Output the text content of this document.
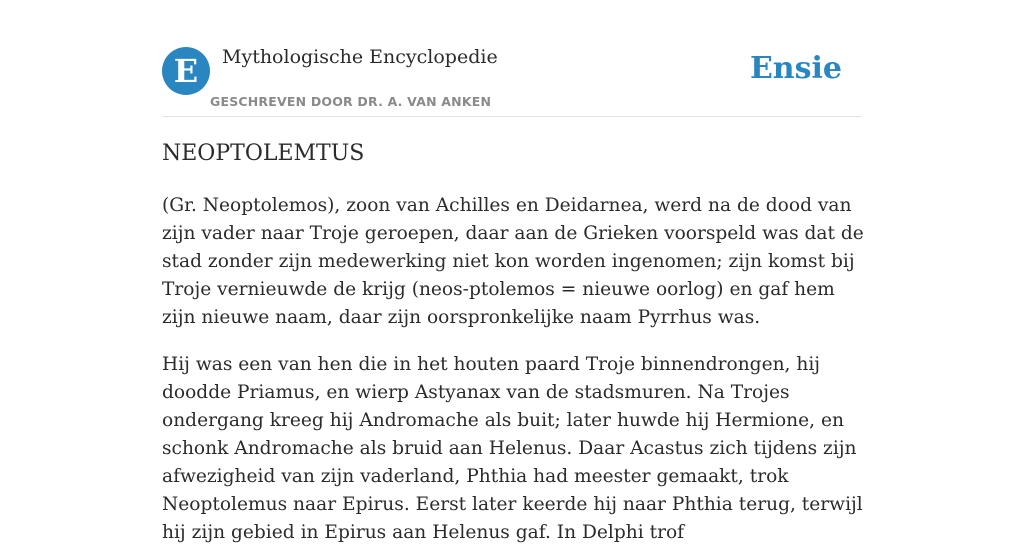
E	Mythologische Encyclopedie
GESCHREVEN DOOR DR. A. VAN ANKEN
Ensie
NEOPTOLEMTUS

(Gr. Neoptolemos), zoon van Achilles en Deidarnea, werd na de dood van zijn vader naar Troje geroepen, daar aan de Grieken voorspeld was dat de stad zonder zijn medewerking niet kon worden ingenomen; zijn komst bij Troje vernieuwde de krijg (neos-ptolemos = nieuwe oorlog) en gaf hem zijn nieuwe naam, daar zijn oorspronkelijke naam Pyrrhus was.

Hij was een van hen die in het houten paard Troje binnendrongen, hij doodde Priamus, en wierp Astyanax van de stadsmuren. Na Trojes ondergang kreeg hij Andromache als buit; later huwde hij Hermione, en schonk Andromache als bruid aan Helenus. Daar Acastus zich tijdens zijn afwezigheid van zijn vaderland, Phthia had meester gemaakt, trok Neoptolemus naar Epirus. Eerst later keerde hij naar Phthia terug, terwijl hij zijn gebied in Epirus aan Helenus gaf. In Delphi trof
